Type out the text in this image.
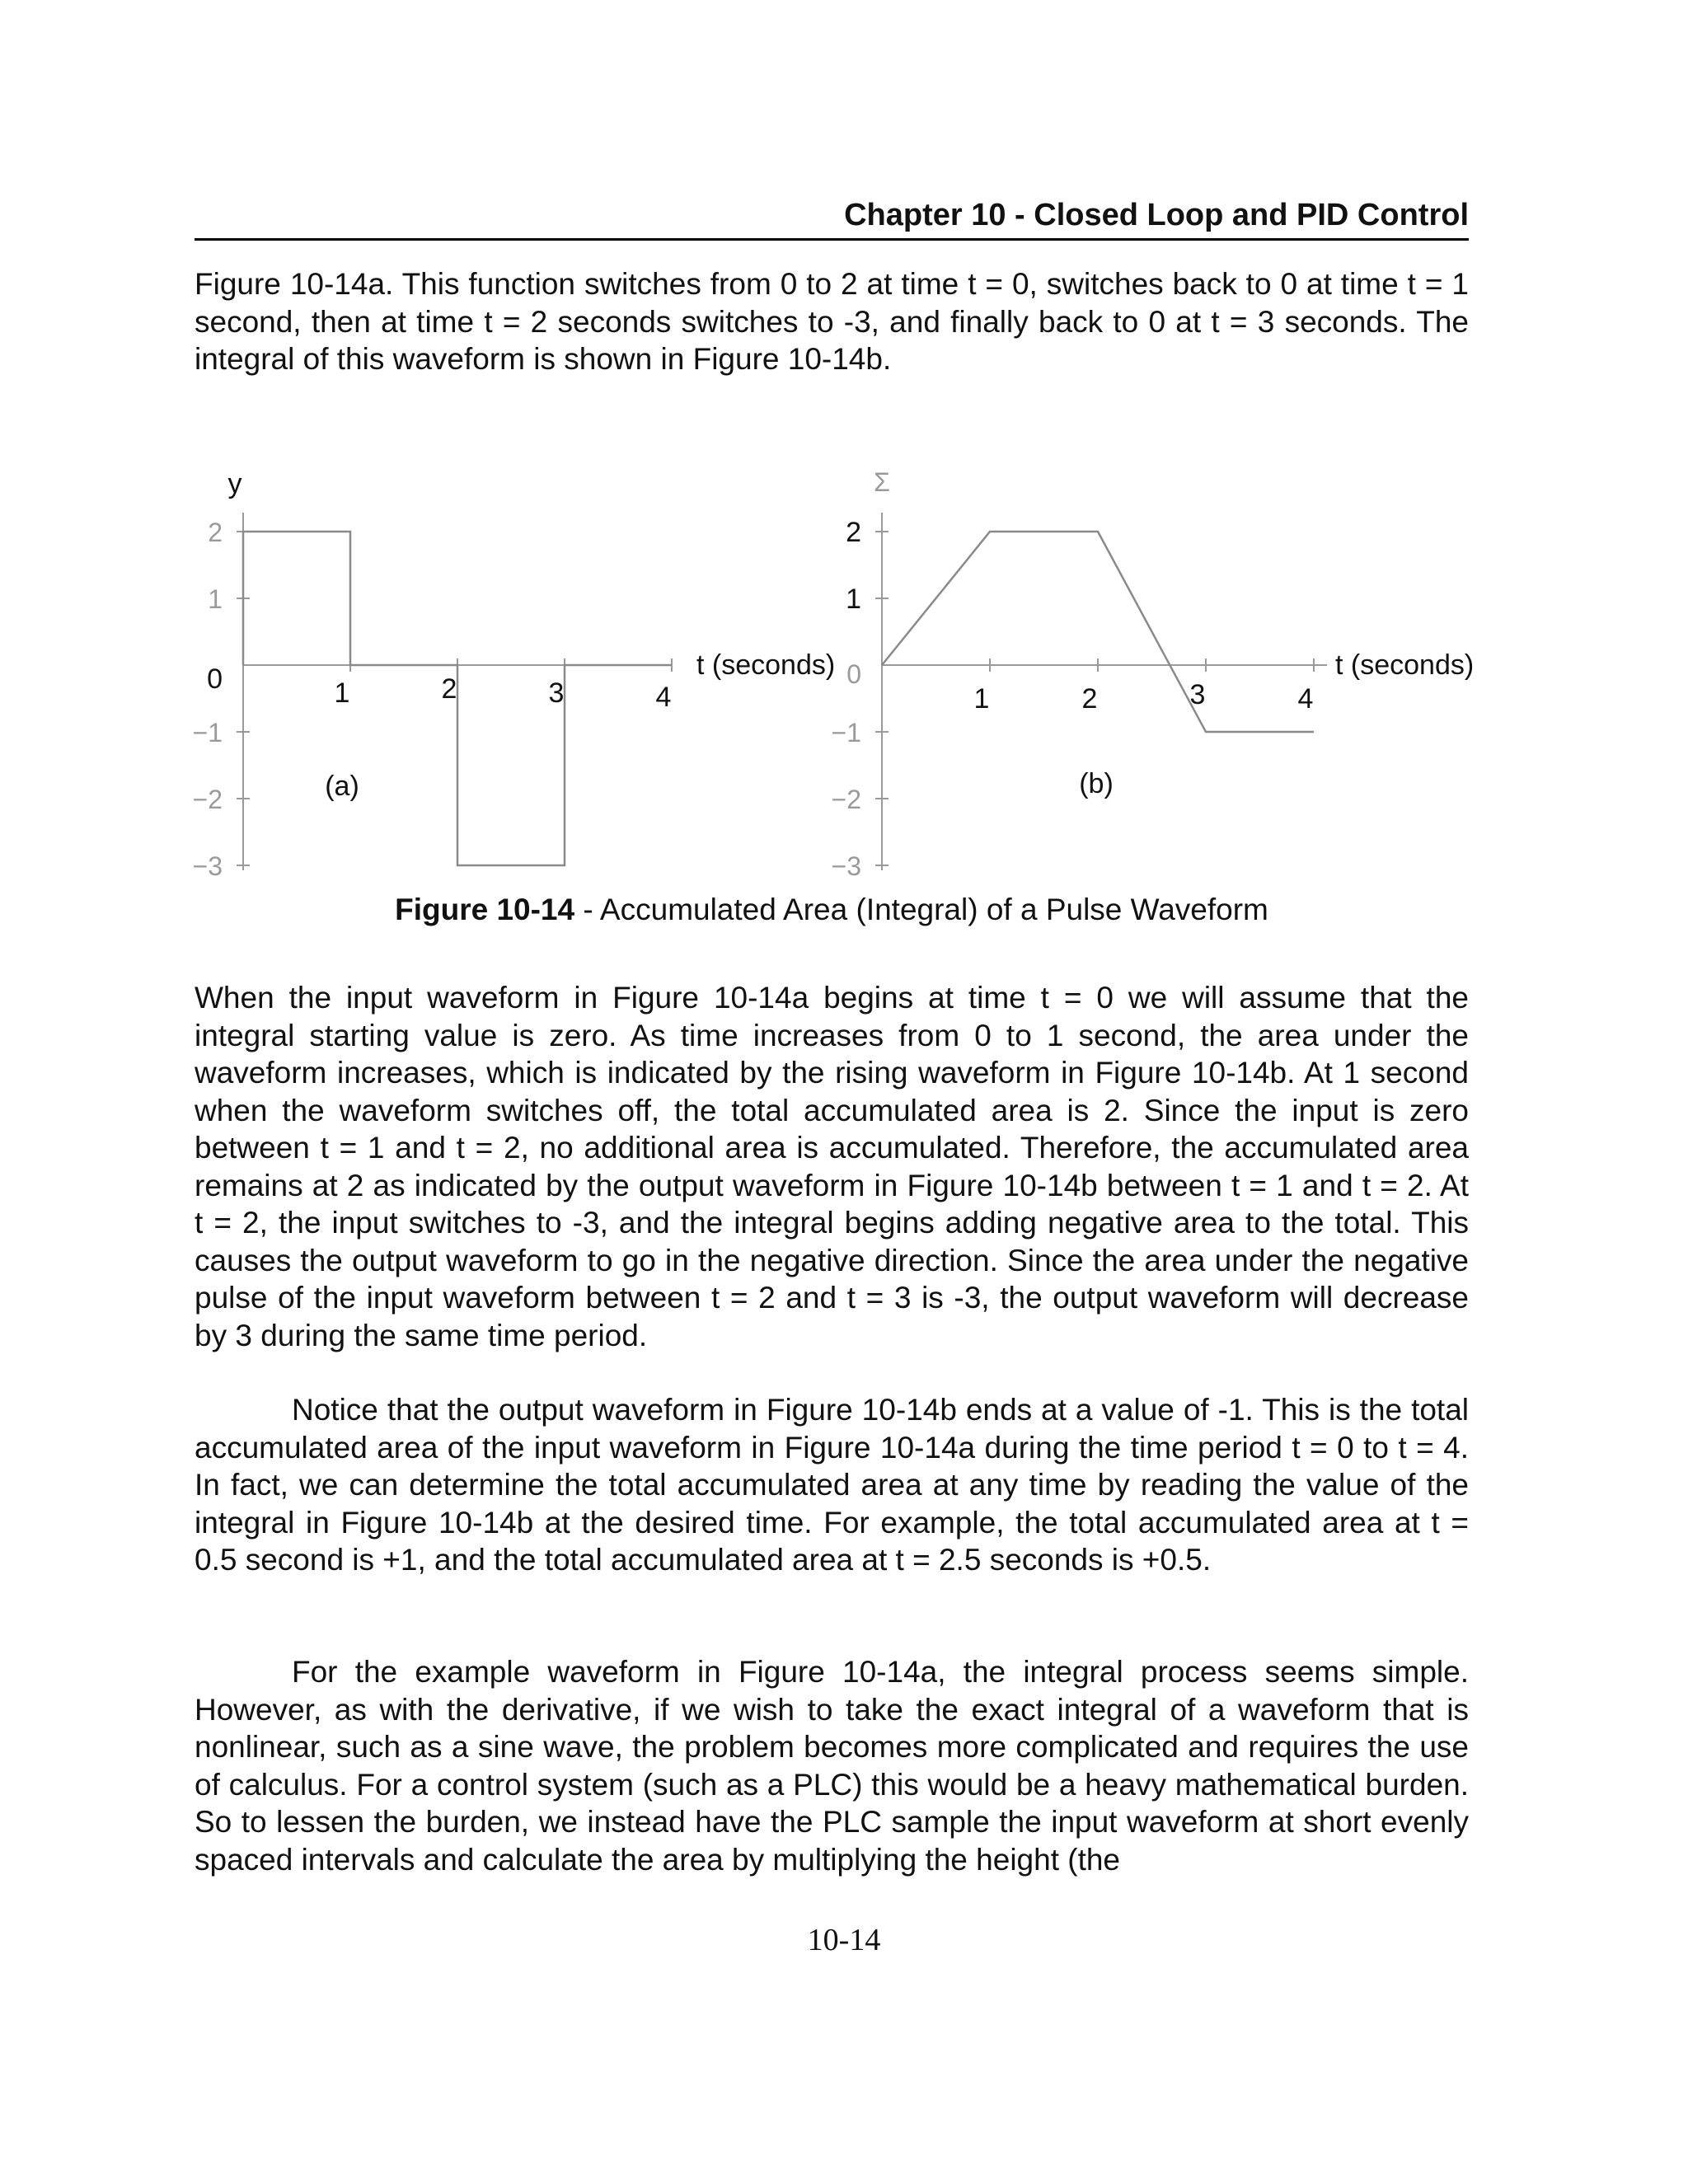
Chapter 10 - Closed Loop and PID Control

Figure 10-14a. This function switches from 0 to 2 at time t = 0, switches back to 0 at time t = 1 second, then at time t = 2 seconds switches to -3, and finally back to 0 at t = 3 seconds. The integral of this waveform is shown in Figure 10-14b.

2
1
0
−1
−2
−3
1	2	3	4
t (seconds)
y
(a)
2
1
0
−1
−2
−3
1	2	3	4
t (seconds)
Σ
(b)
Figure 10-14 - Accumulated Area (Integral) of a Pulse Waveform

When the input waveform in Figure 10-14a begins at time t = 0 we will assume that the integral starting value is zero. As time increases from 0 to 1 second, the area under the waveform increases, which is indicated by the rising waveform in Figure 10-14b. At 1 second when the waveform switches off, the total accumulated area is 2. Since the input is zero between t = 1 and t = 2, no additional area is accumulated. Therefore, the accumulated area remains at 2 as indicated by the output waveform in Figure 10-14b between t = 1 and t = 2. At t = 2, the input switches to -3, and the integral begins adding negative area to the total. This causes the output waveform to go in the negative direction. Since the area under the negative pulse of the input waveform between t = 2 and t = 3 is -3, the output waveform will decrease by 3 during the same time period.

Notice that the output waveform in Figure 10-14b ends at a value of -1. This is the total accumulated area of the input waveform in Figure 10-14a during the time period t = 0 to t = 4. In fact, we can determine the total accumulated area at any time by reading the value of the integral in Figure 10-14b at the desired time. For example, the total accumulated area at t = 0.5 second is +1, and the total accumulated area at t = 2.5 seconds is +0.5.

For the example waveform in Figure 10-14a, the integral process seems simple. However, as with the derivative, if we wish to take the exact integral of a waveform that is nonlinear, such as a sine wave, the problem becomes more complicated and requires the use of calculus. For a control system (such as a PLC) this would be a heavy mathematical burden. So to lessen the burden, we instead have the PLC sample the input waveform at short evenly spaced intervals and calculate the area by multiplying the height (the

10-14
